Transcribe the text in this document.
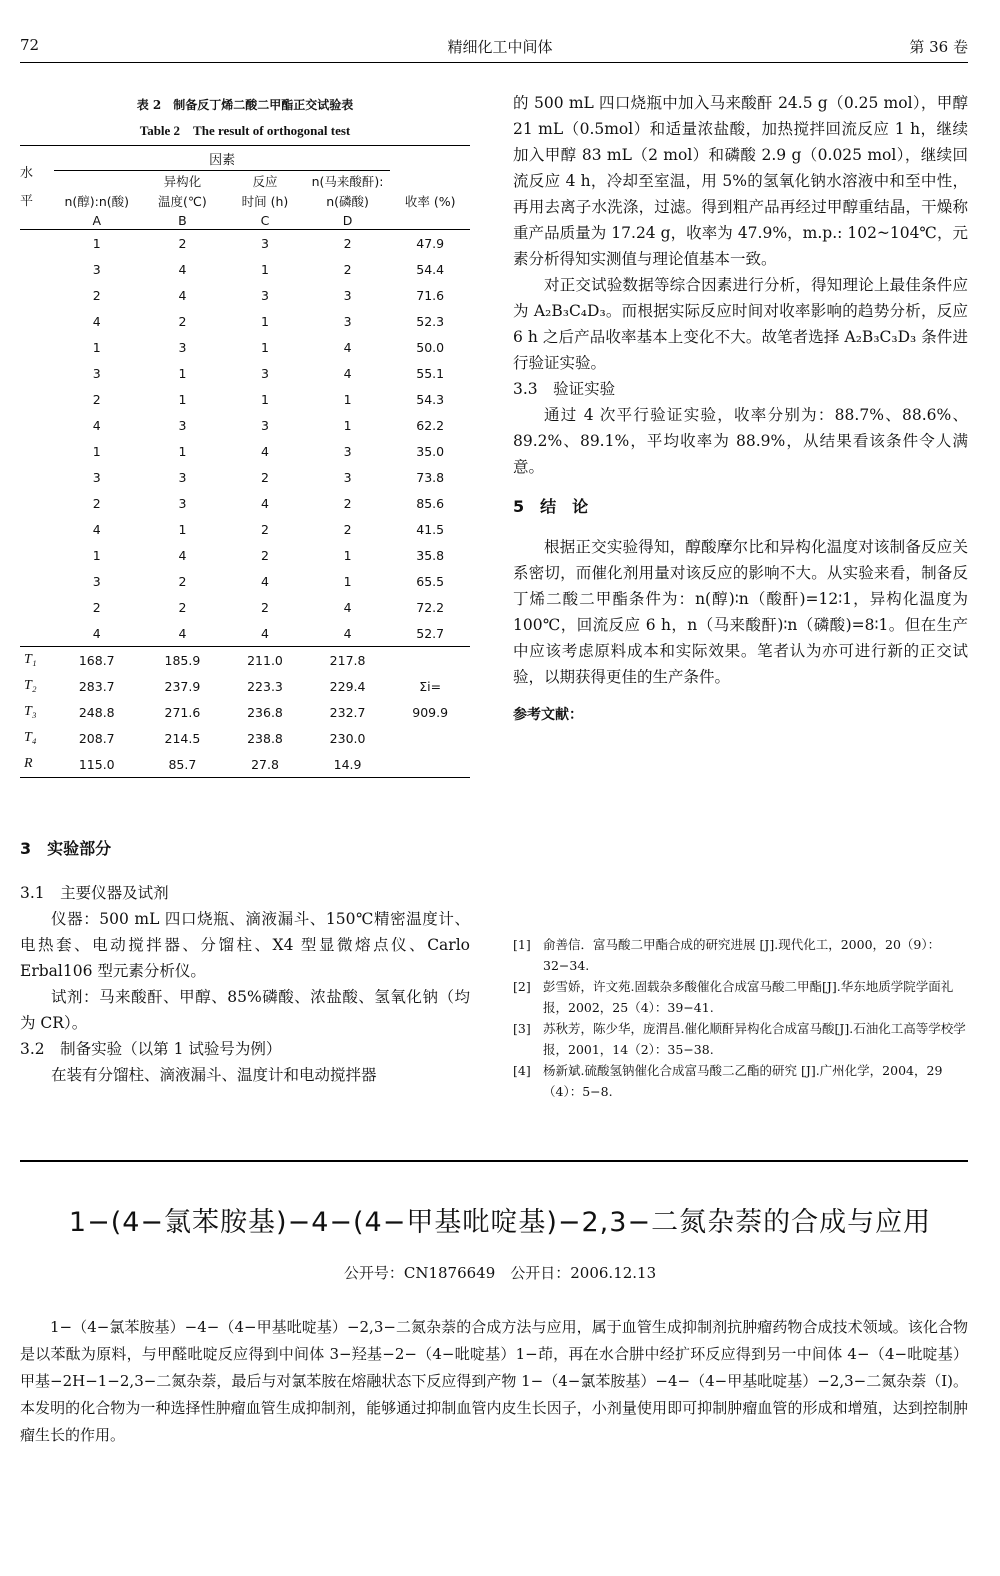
72	精细化工中间体	第 36 卷
表 2　制备反丁烯二酸二甲酯正交试验表
Table 2　The result of orthogonal test
水
平	因素				
		异构化	反应	n(马来酸酐):	
	n(醇):n(酸)	温度(℃)	时间 (h)	n(磷酸)	收率 (%)
	A	B	C	D	
	1	2	3	2	47.9
	3	4	1	2	54.4
	2	4	3	3	71.6
	4	2	1	3	52.3
	1	3	1	4	50.0
	3	1	3	4	55.1
	2	1	1	1	54.3
	4	3	3	1	62.2
	1	1	4	3	35.0
	3	3	2	3	73.8
	2	3	4	2	85.6
	4	1	2	2	41.5
	1	4	2	1	35.8
	3	2	4	1	65.5
	2	2	2	4	72.2
	4	4	4	4	52.7
T₁	168.7	185.9	211.0	217.8	
T₂	283.7	237.9	223.3	229.4	Σi=
T₃	248.8	271.6	236.8	232.7	909.9
T₄	208.7	214.5	238.8	230.0	
R	115.0	85.7	27.8	14.9	

3　实验部分

3.1　主要仪器及试剂

仪器：500 mL 四口烧瓶、滴液漏斗、150℃精密温度计、电热套、电动搅拌器、分馏柱、X4 型显微熔点仪、Carlo　Erbal106 型元素分析仪。

试剂：马来酸酐、甲醇、85%磷酸、浓盐酸、氢氧化钠（均为 CR）。

3.2　制备实验（以第 1 试验号为例）

在装有分馏柱、滴液漏斗、温度计和电动搅拌器

的 500 mL 四口烧瓶中加入马来酸酐 24.5 g（0.25 mol），甲醇 21 mL（0.5mol）和适量浓盐酸，加热搅拌回流反应 1 h，继续加入甲醇 83 mL（2 mol）和磷酸 2.9 g（0.025 mol），继续回流反应 4 h，冷却至室温，用 5%的氢氧化钠水溶液中和至中性，再用去离子水洗涤，过滤。得到粗产品再经过甲醇重结晶，干燥称重产品质量为 17.24 g，收率为 47.9%，m.p.: 102~104℃，元素分析得知实测值与理论值基本一致。

对正交试验数据等综合因素进行分析，得知理论上最佳条件应为 A₂B₃C₄D₃。而根据实际反应时间对收率影响的趋势分析，反应 6 h 之后产品收率基本上变化不大。故笔者选择 A₂B₃C₃D₃ 条件进行验证实验。

3.3　验证实验

通过 4 次平行验证实验，收率分别为：88.7%、88.6%、89.2%、89.1%，平均收率为 88.9%，从结果看该条件令人满意。

5　结　论

根据正交实验得知，醇酸摩尔比和异构化温度对该制备反应关系密切，而催化剂用量对该反应的影响不大。从实验来看，制备反丁烯二酸二甲酯条件为：n(醇)∶n（酸酐)=12∶1，异构化温度为 100℃，回流反应 6 h，n（马来酸酐)∶n（磷酸)=8∶1。但在生产中应该考虑原料成本和实际效果。笔者认为亦可进行新的正交试验，以期获得更佳的生产条件。

参考文献：

[1] 俞善信．富马酸二甲酯合成的研究进展 [J].现代化工，2000，20（9）：32−34.
[2] 彭雪娇，许文苑.固载杂多酸催化合成富马酸二甲酯[J].华东地质学院学面礼报，2002，25（4）：39−41.
[3] 苏秋芳，陈少华，庞渭昌.催化顺酐异构化合成富马酸[J].石油化工高等学校学报，2001，14（2）：35−38.
[4] 杨新斌.硫酸氢钠催化合成富马酸二乙酯的研究 [J].广州化学，2004，29（4）：5−8.
1−(4−氯苯胺基)−4−(4−甲基吡啶基)−2,3−二氮杂萘的合成与应用
公开号：CN1876649　公开日：2006.12.13
1−（4−氯苯胺基）−4−（4−甲基吡啶基）−2,3−二氮杂萘的合成方法与应用，属于血管生成抑制剂抗肿瘤药物合成技术领域。该化合物是以苯酞为原料，与甲醛吡啶反应得到中间体 3−羟基−2−（4−吡啶基）1−茚，再在水合肼中经扩环反应得到另一中间体 4−（4−吡啶基）甲基−2H−1−2,3−二氮杂萘，最后与对氯苯胺在熔融状态下反应得到产物 1−（4−氯苯胺基）−4−（4−甲基吡啶基）−2,3−二氮杂萘（I)。本发明的化合物为一种选择性肿瘤血管生成抑制剂，能够通过抑制血管内皮生长因子，小剂量使用即可抑制肿瘤血管的形成和增殖，达到控制肿瘤生长的作用。
